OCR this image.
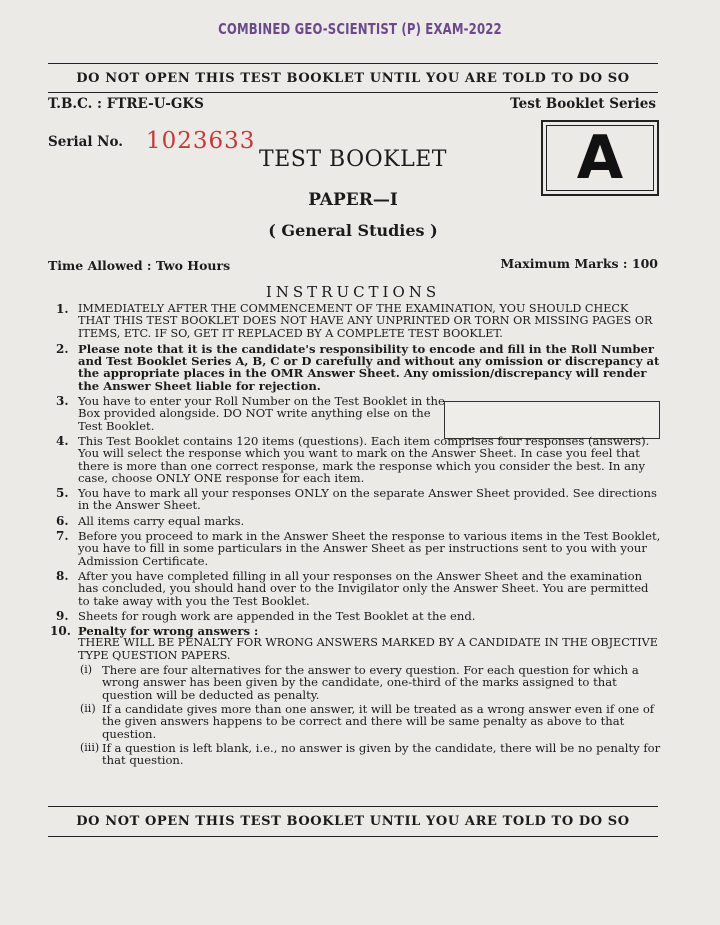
COMBINED GEO-SCIENTIST (P) EXAM-2022
DO NOT OPEN THIS TEST BOOKLET UNTIL YOU ARE TOLD TO DO SO
T.B.C. : FTRE-U-GKS	Test Booklet Series
Serial No. 1023633	A
TEST BOOKLET
PAPER—I
( General Studies )
Time Allowed : Two Hours	Maximum Marks : 100
INSTRUCTIONS
1. IMMEDIATELY AFTER THE COMMENCEMENT OF THE EXAMINATION, YOU SHOULD CHECK THAT THIS TEST BOOKLET DOES NOT HAVE ANY UNPRINTED OR TORN OR MISSING PAGES OR ITEMS, ETC. IF SO, GET IT REPLACED BY A COMPLETE TEST BOOKLET.
2. Please note that it is the candidate's responsibility to encode and fill in the Roll Number and Test Booklet Series A, B, C or D carefully and without any omission or discrepancy at the appropriate places in the OMR Answer Sheet. Any omission/discrepancy will render the Answer Sheet liable for rejection.
3. You have to enter your Roll Number on the Test Booklet in the Box provided alongside. DO NOT write anything else on the Test Booklet.
4. This Test Booklet contains 120 items (questions). Each item comprises four responses (answers). You will select the response which you want to mark on the Answer Sheet. In case you feel that there is more than one correct response, mark the response which you consider the best. In any case, choose ONLY ONE response for each item.
5. You have to mark all your responses ONLY on the separate Answer Sheet provided. See directions in the Answer Sheet.
6. All items carry equal marks.
7. Before you proceed to mark in the Answer Sheet the response to various items in the Test Booklet, you have to fill in some particulars in the Answer Sheet as per instructions sent to you with your Admission Certificate.
8. After you have completed filling in all your responses on the Answer Sheet and the examination has concluded, you should hand over to the Invigilator only the Answer Sheet. You are permitted to take away with you the Test Booklet.
9. Sheets for rough work are appended in the Test Booklet at the end.
10. Penalty for wrong answers :
THERE WILL BE PENALTY FOR WRONG ANSWERS MARKED BY A CANDIDATE IN THE OBJECTIVE TYPE QUESTION PAPERS.
(i) There are four alternatives for the answer to every question. For each question for which a wrong answer has been given by the candidate, one-third of the marks assigned to that question will be deducted as penalty.
(ii) If a candidate gives more than one answer, it will be treated as a wrong answer even if one of the given answers happens to be correct and there will be same penalty as above to that question.
(iii) If a question is left blank, i.e., no answer is given by the candidate, there will be no penalty for that question.
DO NOT OPEN THIS TEST BOOKLET UNTIL YOU ARE TOLD TO DO SO
